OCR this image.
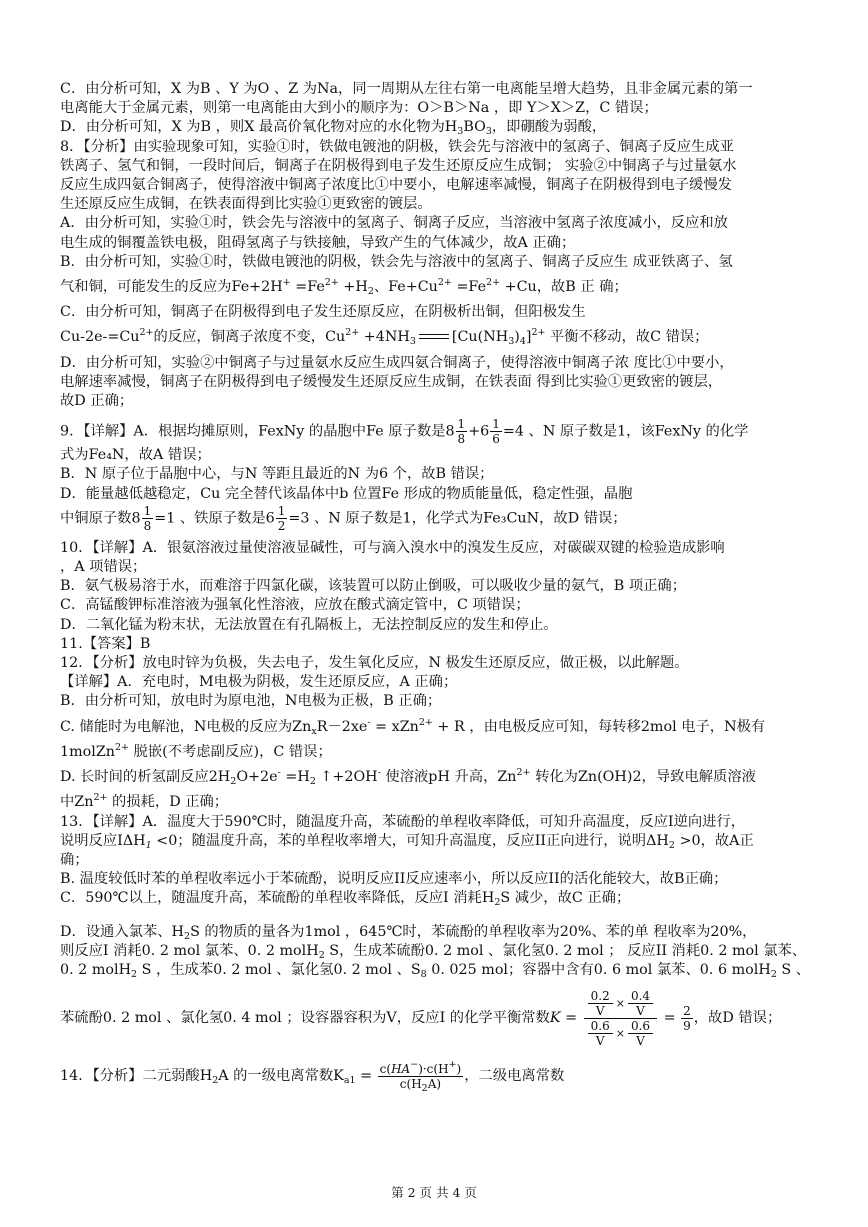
C．由分析可知，X 为B 、Y 为O 、Z 为Na，同一周期从左往右第一电离能呈增大趋势，且非金属元素的第一

电离能大于金属元素，则第一电离能由大到小的顺序为：O＞B＞Na ，即 Y＞X＞Z，C 错误；

D．由分析可知，X 为B ，则X 最高价氧化物对应的水化物为$H_3BO_3$，即硼酸为弱酸，

8．【分析】由实验现象可知，实验①时，铁做电镀池的阴极，铁会先与溶液中的氢离子、铜离子反应生成亚

铁离子、氢气和铜，一段时间后，铜离子在阴极得到电子发生还原反应生成铜； 实验②中铜离子与过量氨水

反应生成四氨合铜离子，使得溶液中铜离子浓度比①中要小，电解速率减慢，铜离子在阴极得到电子缓慢发

生还原反应生成铜，在铁表面得到比实验①更致密的镀层。

A．由分析可知，实验①时，铁会先与溶液中的氢离子、铜离子反应，当溶液中氢离子浓度减小，反应和放

电生成的铜覆盖铁电极，阻碍氢离子与铁接触，导致产生的气体减少，故A 正确；

B．由分析可知，实验①时，铁做电镀池的阴极，铁会先与溶液中的氢离子、铜离子反应生 成亚铁离子、氢

气和铜，可能发生的反应为$Fe+2H^+ =Fe^{2+} +H_2$、$Fe+Cu^{2+} =Fe^{2+} +Cu$，故B 正 确；

C．由分析可知，铜离子在阴极得到电子发生还原反应，在阴极析出铜，但阳极发生

$Cu-2e-=Cu^{2+}$的反应，铜离子浓度不变，$Cu^{2+} +4NH_3$	$[Cu(NH_3)_4]^{2+}$ 平衡不移动，故C 错误；

D．由分析可知，实验②中铜离子与过量氨水反应生成四氨合铜离子，使得溶液中铜离子浓 度比①中要小，

电解速率减慢，铜离子在阴极得到电子缓慢发生还原反应生成铜，在铁表面 得到比实验①更致密的镀层，

故D 正确；

9．【详解】A．根据均摊原则，FexNy 的晶胞中Fe 原子数是$8 \frac{1}{8} +6 \frac{1}{6} =4$ 、N 原子数是1，该FexNy 的化学

式为Fe₄N，故A 错误；

B．N 原子位于晶胞中心，与N 等距且最近的N 为6 个，故B 错误；

D．能量越低越稳定，Cu 完全替代该晶体中b 位置Fe 形成的物质能量低，稳定性强，晶胞

中铜原子数$8 \frac{1}{8} =1$ 、铁原子数是$6 \frac{1}{2} =3$ 、N 原子数是1，化学式为Fe₃CuN，故D 错误；

10．【详解】A．银氨溶液过量使溶液显碱性，可与滴入溴水中的溴发生反应，对碳碳双键的检验造成影响

，A 项错误；

B．氨气极易溶于水，而难溶于四氯化碳，该装置可以防止倒吸，可以吸收少量的氨气，B 项正确；

C．高锰酸钾标准溶液为强氧化性溶液，应放在酸式滴定管中，C 项错误；

D．二氧化锰为粉末状，无法放置在有孔隔板上，无法控制反应的发生和停止。

11.【答案】B

12．【分析】放电时锌为负极，失去电子，发生氧化反应，N 极发生还原反应，做正极，以此解题。

【详解】A．充电时，M电极为阴极，发生还原反应，A 正确；

B．由分析可知，放电时为原电池，N电极为正极，B 正确；

C. 储能时为电解池，N电极的反应为$Zn_xR-2xe^- = xZn^{2+} + R$ ，由电极反应可知，每转移2mol 电子，N极有

1molZn$^{2+}$ 脱嵌(不考虑副反应)，C 错误；

D. 长时间的析氢副反应$2H_2O+2e^- =H_2$ ↑+2OH- 使溶液pH 升高，$Zn^{2+}$ 转化为Zn(OH)2，导致电解质溶液

中$Zn^{2+}$ 的损耗，D 正确；

13．【详解】A．温度大于590℃时，随温度升高，苯硫酚的单程收率降低，可知升高温度，反应I逆向进行，

说明反应$I\Delta H_1 <0$；随温度升高，苯的单程收率增大，可知升高温度，反应II正向进行，说明$\Delta H_2 >0$，故A正

确；

B. 温度较低时苯的单程收率远小于苯硫酚，说明反应II反应速率小，所以反应II的活化能较大，故B正确；

C．590℃以上，随温度升高，苯硫酚的单程收率降低，反应I 消耗$H_2S$ 减少，故C 正确；

D．设通入氯苯、$H_2S$ 的物质的量各为1mol ，645℃时，苯硫酚的单程收率为20%、苯的单 程收率为20%，

则反应I 消耗0. 2 mol 氯苯、0. 2 molH$_2$ S，生成苯硫酚0. 2 mol 、氯化氢0. 2 mol ； 反应II 消耗0. 2 mol 氯苯、

0. 2 molH$_2$ S ，生成苯0. 2 mol 、氯化氢0. 2 mol 、$S_8$ 0. 025 mol；容器中含有0. 6 mol 氯苯、0. 6 molH$_2$ S 、

苯硫酚0. 2 mol 、氯化氢0. 4 mol ；设容器容积为V，反应I 的化学平衡常数$K = \frac{\frac{0.2}{V} \times \frac{0.4}{V}}{\frac{0.6}{V} \times \frac{0.6}{V}} = \frac{2}{9}$ ，故D 错误；

14．【分析】二元弱酸$H_2A$ 的一级电离常数$K_{a1} = \frac{c(HA^-)\cdot c(H^+)}{c(H_2A)}$ ，二级电离常数

第 2 页 共 4 页
